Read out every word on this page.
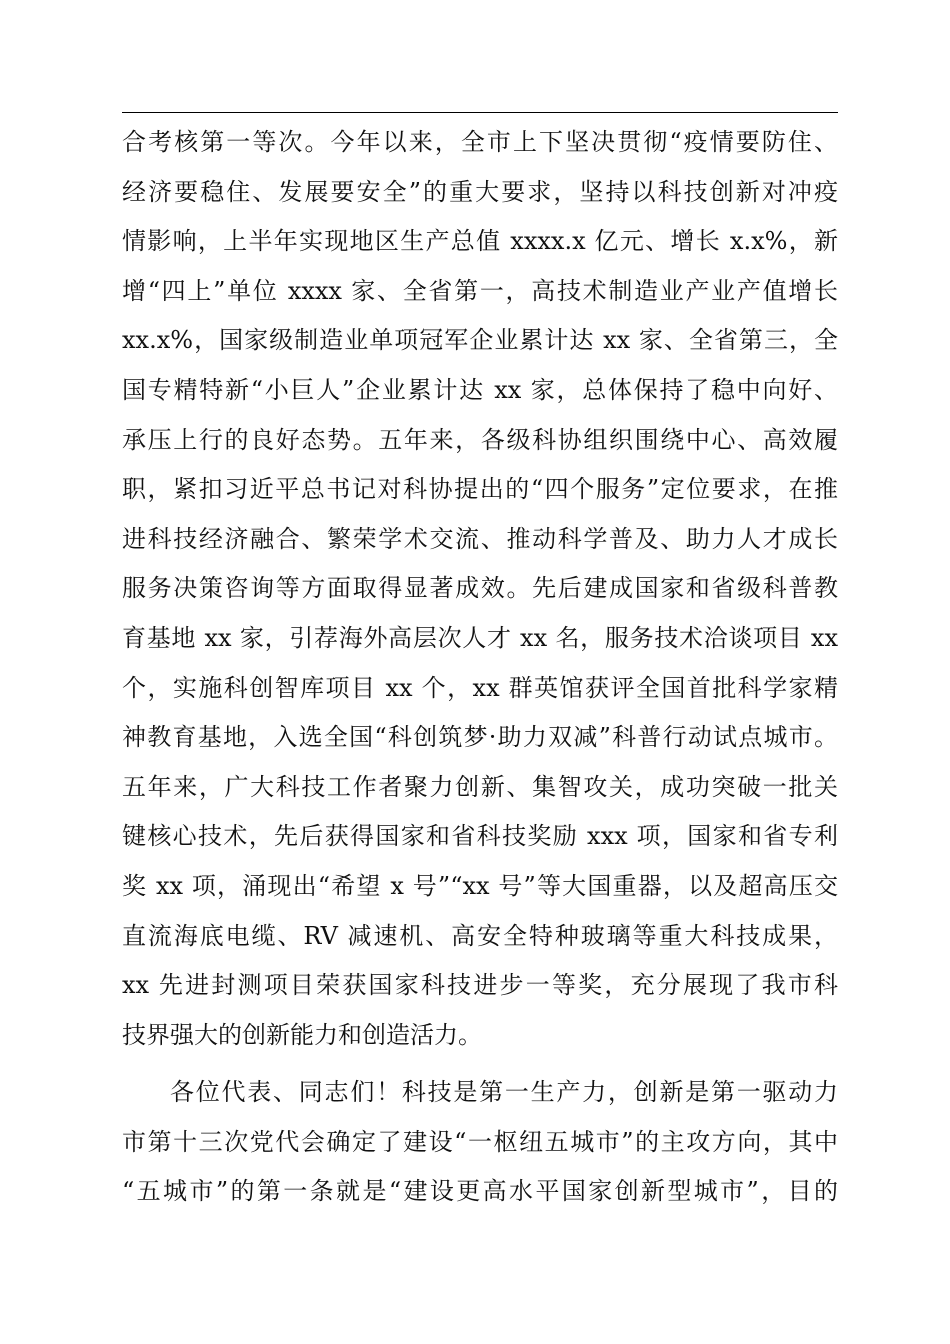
合考核第一等次。今年以来，全市上下坚决贯彻“疫情要防住、
经济要稳住、发展要安全”的重大要求，坚持以科技创新对冲疫
情影响，上半年实现地区生产总值 xxxx.x 亿元、增长 x.x%，新
增“四上”单位 xxxx 家、全省第一，高技术制造业产业产值增长
xx.x%，国家级制造业单项冠军企业累计达 xx 家、全省第三，全
国专精特新“小巨人”企业累计达 xx 家，总体保持了稳中向好、
承压上行的良好态势。五年来，各级科协组织围绕中心、高效履
职，紧扣习近平总书记对科协提出的“四个服务”定位要求，在推
进科技经济融合、繁荣学术交流、推动科学普及、助力人才成长
服务决策咨询等方面取得显著成效。先后建成国家和省级科普教
育基地 xx 家，引荐海外高层次人才 xx 名，服务技术洽谈项目 xx
个，实施科创智库项目 xx 个，xx 群英馆获评全国首批科学家精
神教育基地，入选全国“科创筑梦·助力双减”科普行动试点城市。
五年来，广大科技工作者聚力创新、集智攻关，成功突破一批关
键核心技术，先后获得国家和省科技奖励 xxx 项，国家和省专利
奖 xx 项，涌现出“希望 x 号”“xx 号”等大国重器，以及超高压交
直流海底电缆、RV 减速机、高安全特种玻璃等重大科技成果，
xx 先进封测项目荣获国家科技进步一等奖，充分展现了我市科
技界强大的创新能力和创造活力。
各位代表、同志们！科技是第一生产力，创新是第一驱动力
市第十三次党代会确定了建设“一枢纽五城市”的主攻方向，其中
“五城市”的第一条就是“建设更高水平国家创新型城市”，目的
